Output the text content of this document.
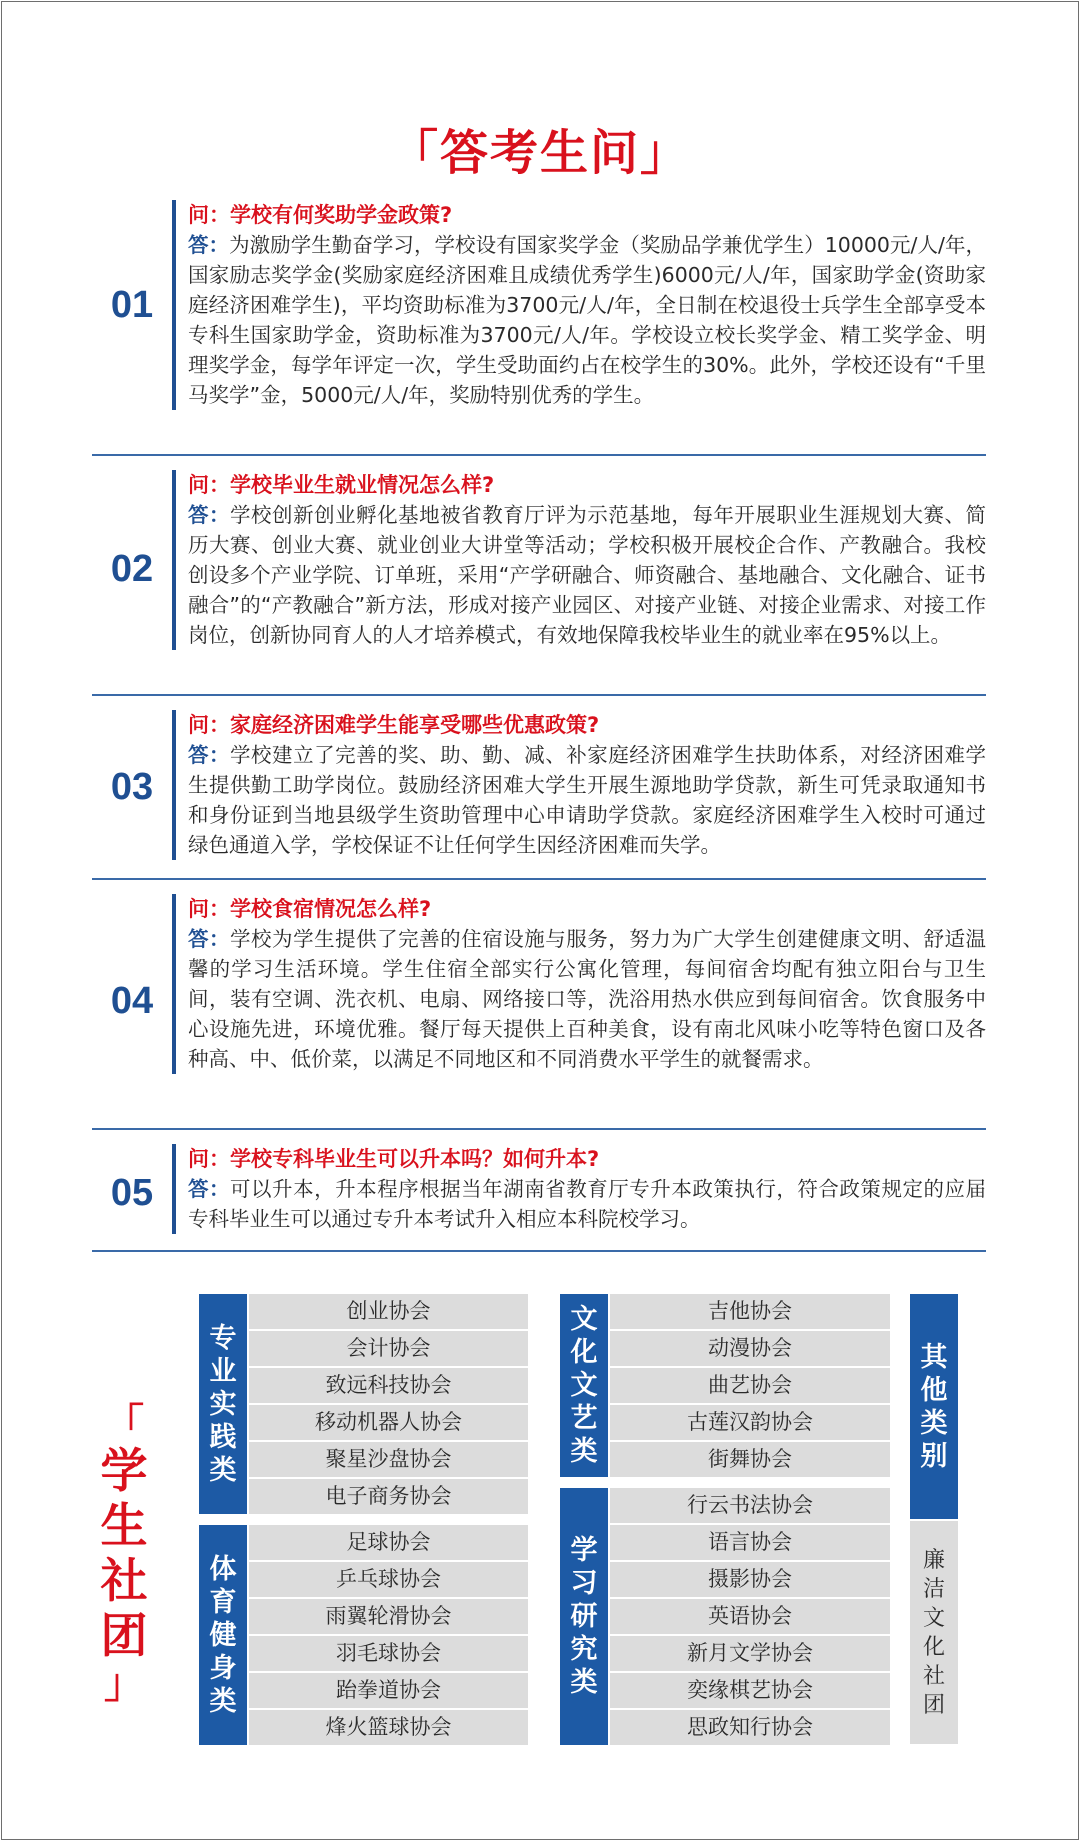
「答考生问」
01
问：学校有何奖助学金政策?
答：为激励学生勤奋学习，学校设有国家奖学金（奖励品学兼优学生）10000元/人/年，国家励志奖学金(奖励家庭经济困难且成绩优秀学生)6000元/人/年，国家助学金(资助家庭经济困难学生)，平均资助标准为3700元/人/年，全日制在校退役士兵学生全部享受本专科生国家助学金，资助标准为3700元/人/年。学校设立校长奖学金、精工奖学金、明理奖学金，每学年评定一次，学生受助面约占在校学生的30%。此外，学校还设有“千里马奖学”金，5000元/人/年，奖励特别优秀的学生。
02
问：学校毕业生就业情况怎么样?
答：学校创新创业孵化基地被省教育厅评为示范基地，每年开展职业生涯规划大赛、简历大赛、创业大赛、就业创业大讲堂等活动；学校积极开展校企合作、产教融合。我校创设多个产业学院、订单班，采用“产学研融合、师资融合、基地融合、文化融合、证书融合”的“产教融合”新方法，形成对接产业园区、对接产业链、对接企业需求、对接工作岗位，创新协同育人的人才培养模式，有效地保障我校毕业生的就业率在95%以上。
03
问：家庭经济困难学生能享受哪些优惠政策?
答：学校建立了完善的奖、助、勤、减、补家庭经济困难学生扶助体系，对经济困难学生提供勤工助学岗位。鼓励经济困难大学生开展生源地助学贷款，新生可凭录取通知书和身份证到当地县级学生资助管理中心申请助学贷款。家庭经济困难学生入校时可通过绿色通道入学，学校保证不让任何学生因经济困难而失学。
04
问：学校食宿情况怎么样?
答：学校为学生提供了完善的住宿设施与服务，努力为广大学生创建健康文明、舒适温馨的学习生活环境。学生住宿全部实行公寓化管理，每间宿舍均配有独立阳台与卫生间，装有空调、洗衣机、电扇、网络接口等，洗浴用热水供应到每间宿舍。饮食服务中心设施先进，环境优雅。餐厅每天提供上百种美食，设有南北风味小吃等特色窗口及各种高、中、低价菜，以满足不同地区和不同消费水平学生的就餐需求。
05
问：学校专科毕业生可以升本吗？如何升本?
答：可以升本，升本程序根据当年湖南省教育厅专升本政策执行，符合政策规定的应届专科毕业生可以通过专升本考试升入相应本科院校学习。
「
学
生
社
团
」
专
业
实
践
类
创业协会
会计协会
致远科技协会
移动机器人协会
聚星沙盘协会
电子商务协会
体
育
健
身
类
足球协会
乒乓球协会
雨翼轮滑协会
羽毛球协会
跆拳道协会
烽火篮球协会
文
化
文
艺
类
吉他协会
动漫协会
曲艺协会
古莲汉韵协会
街舞协会
学
习
研
究
类
行云书法协会
语言协会
摄影协会
英语协会
新月文学协会
奕缘棋艺协会
思政知行协会
其
他
类
别
廉
洁
文
化
社
团
